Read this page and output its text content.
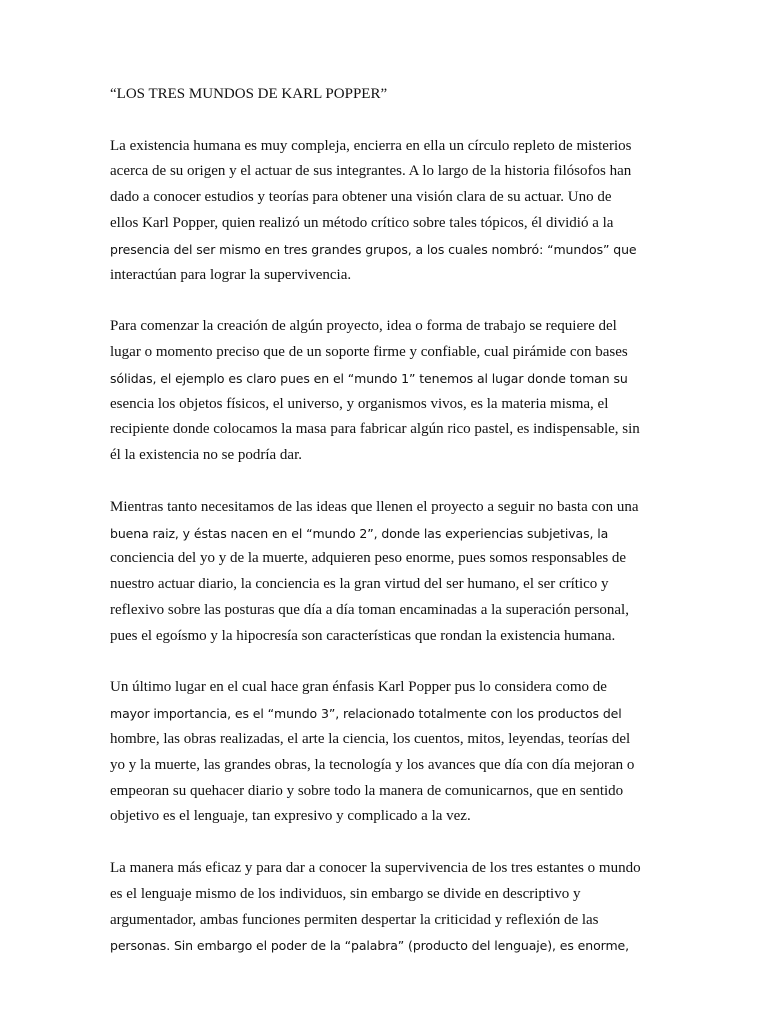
“LOS TRES MUNDOS DE KARL POPPER”

La existencia humana es muy compleja, encierra en ella un círculo repleto de misterios
acerca de su origen y el actuar de sus integrantes. A lo largo de la historia filósofos han
dado a conocer estudios y teorías para obtener una visión clara de su actuar. Uno de
ellos Karl Popper, quien realizó un método crítico sobre tales tópicos, él dividió a la
presencia del ser mismo en tres grandes grupos, a los cuales nombró: “mundos” que
interactúan para lograr la supervivencia.

Para comenzar la creación de algún proyecto, idea o forma de trabajo se requiere del
lugar o momento preciso que de un soporte firme y confiable, cual pirámide con bases
sólidas, el ejemplo es claro pues en el “mundo 1” tenemos al lugar donde toman su
esencia los objetos físicos, el universo, y organismos vivos, es la materia misma, el
recipiente donde colocamos la masa para fabricar algún rico pastel, es indispensable, sin
él la existencia no se podría dar.

Mientras tanto necesitamos de las ideas que llenen el proyecto a seguir no basta con una
buena raiz, y éstas nacen en el “mundo 2”, donde las experiencias subjetivas, la
conciencia del yo y de la muerte, adquieren peso enorme, pues somos responsables de
nuestro actuar diario, la conciencia es la gran virtud del ser humano, el ser crítico y
reflexivo sobre las posturas que día a día toman encaminadas a la superación personal,
pues el egoísmo y la hipocresía son características que rondan la existencia humana.

Un último lugar en el cual hace gran énfasis Karl Popper pus lo considera como de
mayor importancia, es el “mundo 3”, relacionado totalmente con los productos del
hombre, las obras realizadas, el arte la ciencia, los cuentos, mitos, leyendas, teorías del
yo y la muerte, las grandes obras, la tecnología y los avances que día con día mejoran o
empeoran su quehacer diario y sobre todo la manera de comunicarnos, que en sentido
objetivo es el lenguaje, tan expresivo y complicado a la vez.

La manera más eficaz y para dar a conocer la supervivencia de los tres estantes o mundo
es el lenguaje mismo de los individuos, sin embargo se divide en descriptivo y
argumentador, ambas funciones permiten despertar la criticidad y reflexión de las
personas. Sin embargo el poder de la “palabra” (producto del lenguaje), es enorme,
